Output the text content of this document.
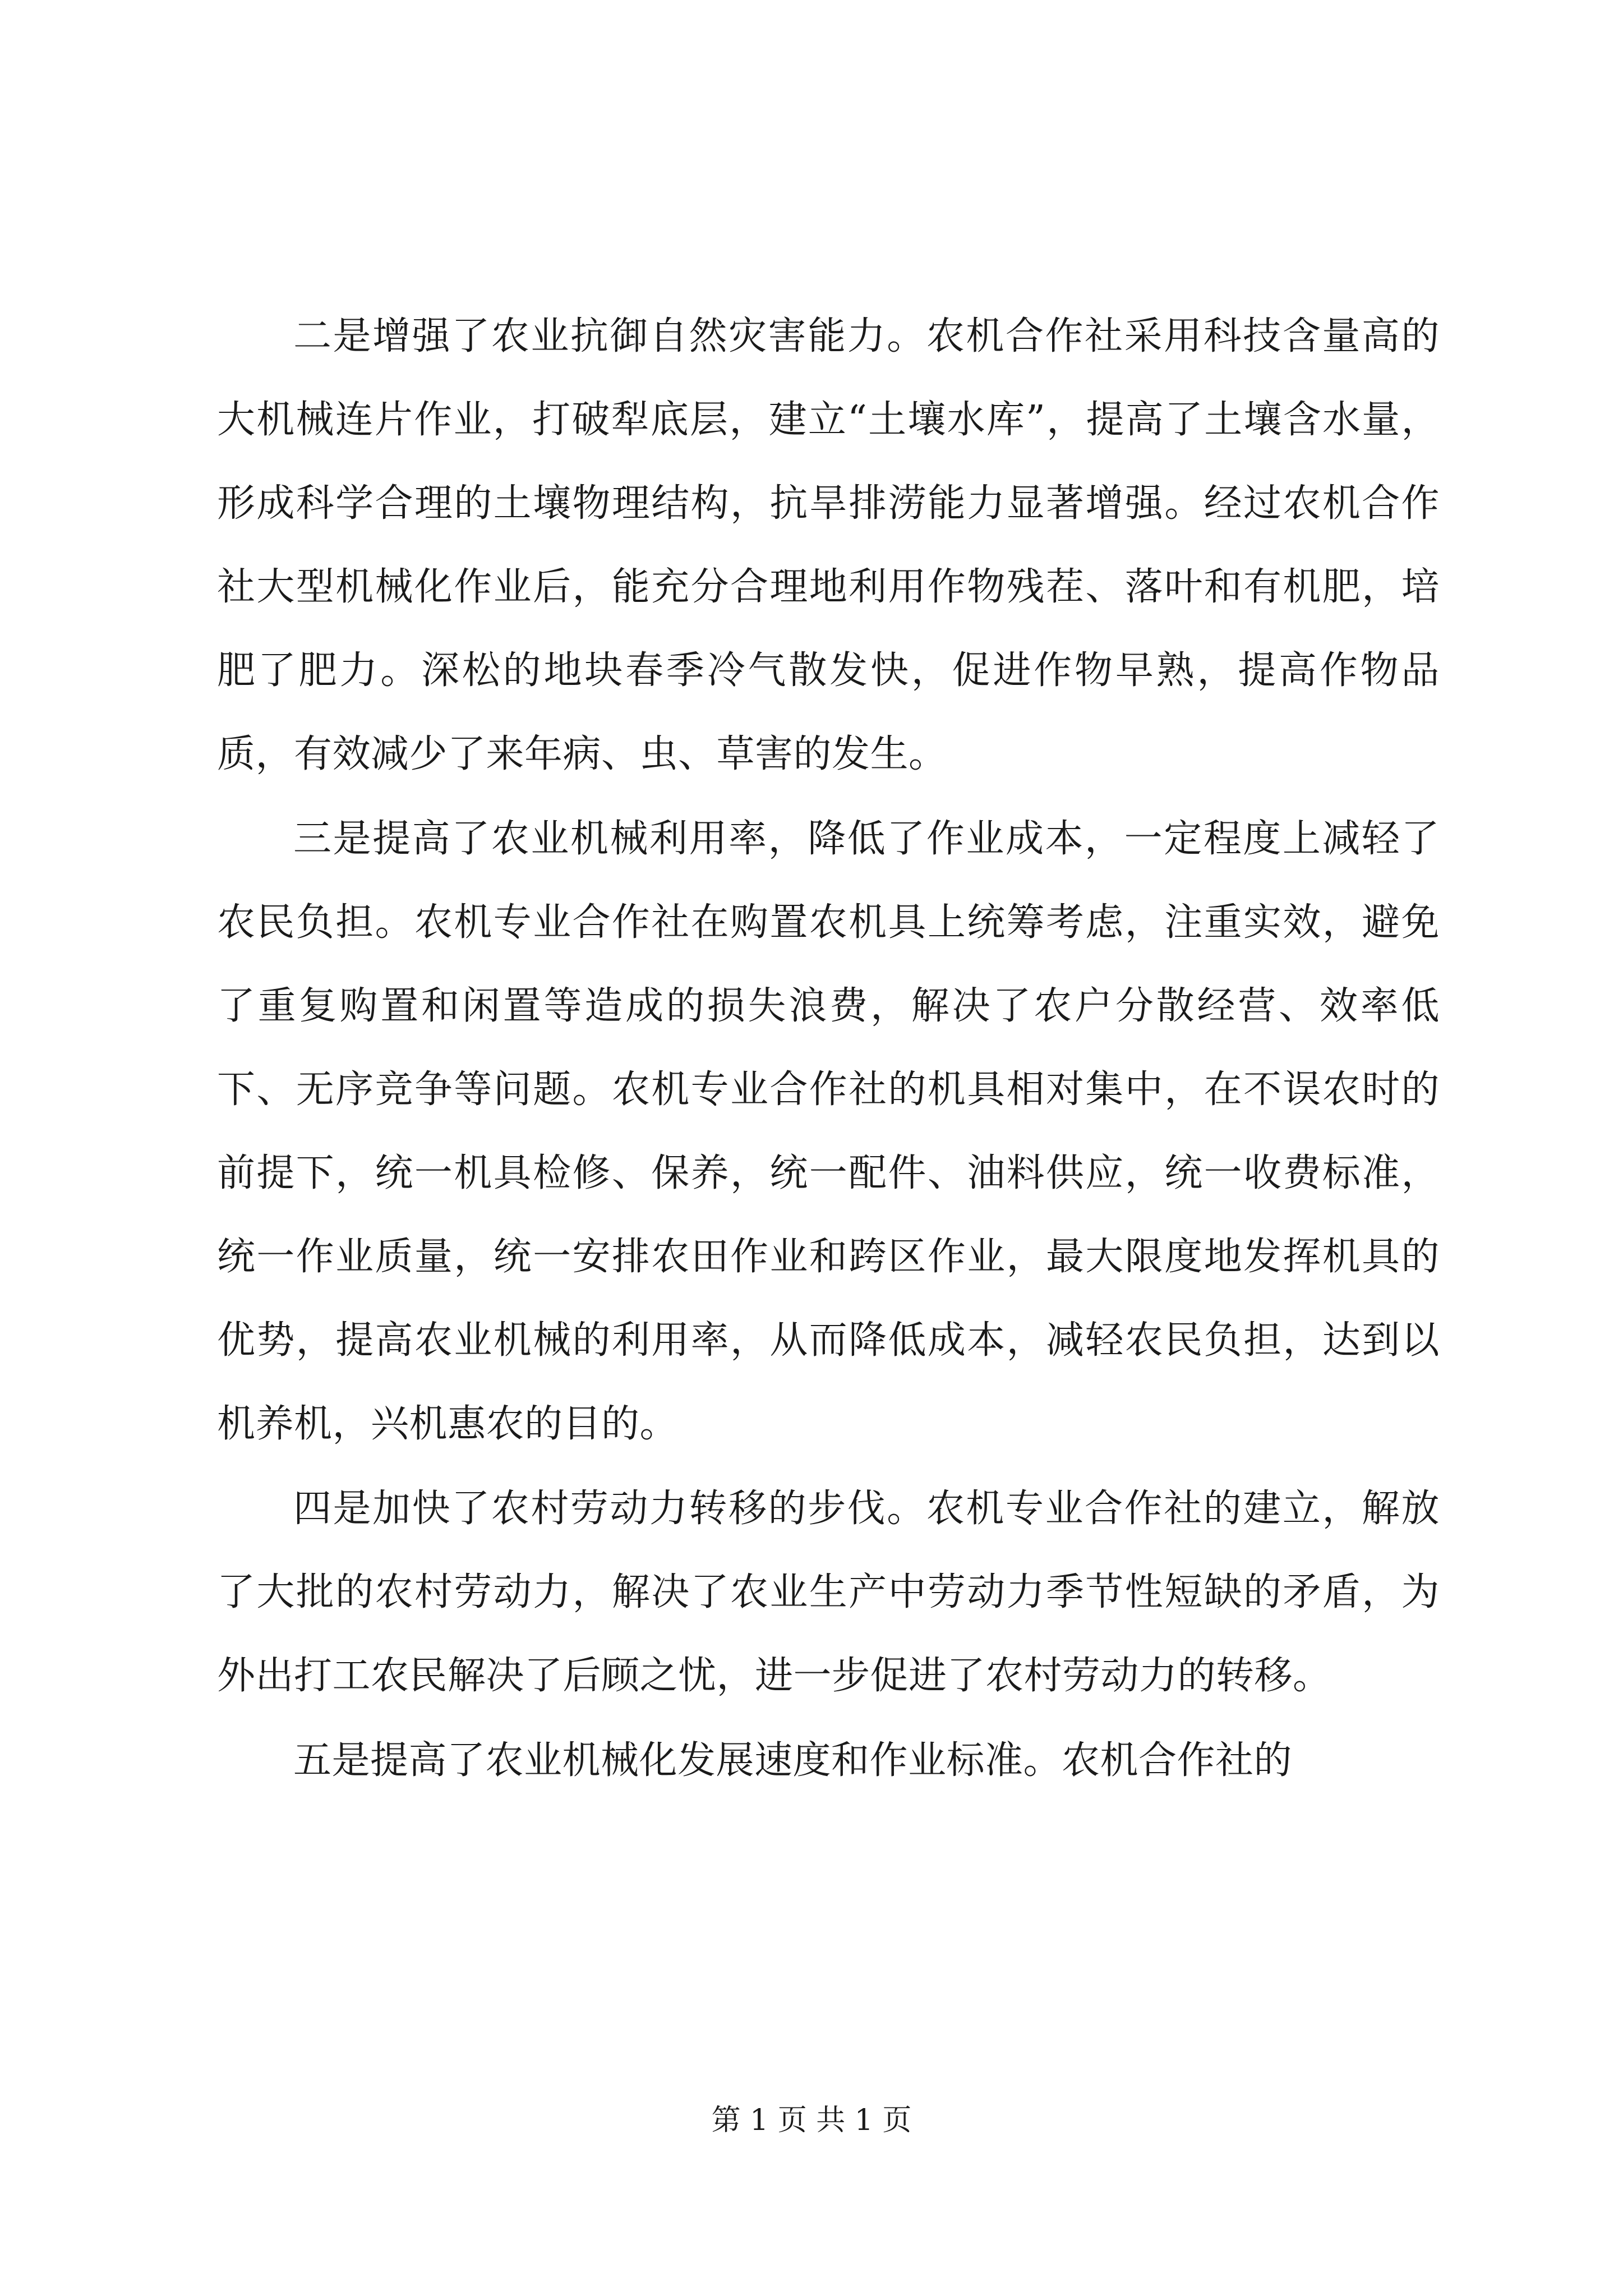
二是增强了农业抗御自然灾害能力。农机合作社采用科技含量高的大机械连片作业，打破犁底层，建立“土壤水库”，提高了土壤含水量，形成科学合理的土壤物理结构，抗旱排涝能力显著增强。经过农机合作社大型机械化作业后，能充分合理地利用作物残茬、落叶和有机肥，培肥了肥力。深松的地块春季冷气散发快，促进作物早熟，提高作物品质，有效减少了来年病、虫、草害的发生。

三是提高了农业机械利用率，降低了作业成本，一定程度上减轻了农民负担。农机专业合作社在购置农机具上统筹考虑，注重实效，避免了重复购置和闲置等造成的损失浪费，解决了农户分散经营、效率低下、无序竞争等问题。农机专业合作社的机具相对集中，在不误农时的前提下，统一机具检修、保养，统一配件、油料供应，统一收费标准，统一作业质量，统一安排农田作业和跨区作业，最大限度地发挥机具的优势，提高农业机械的利用率，从而降低成本，减轻农民负担，达到以机养机，兴机惠农的目的。

四是加快了农村劳动力转移的步伐。农机专业合作社的建立，解放了大批的农村劳动力，解决了农业生产中劳动力季节性短缺的矛盾，为外出打工农民解决了后顾之忧，进一步促进了农村劳动力的转移。

五是提高了农业机械化发展速度和作业标准。农机合作社的

第 1 页 共 1 页
